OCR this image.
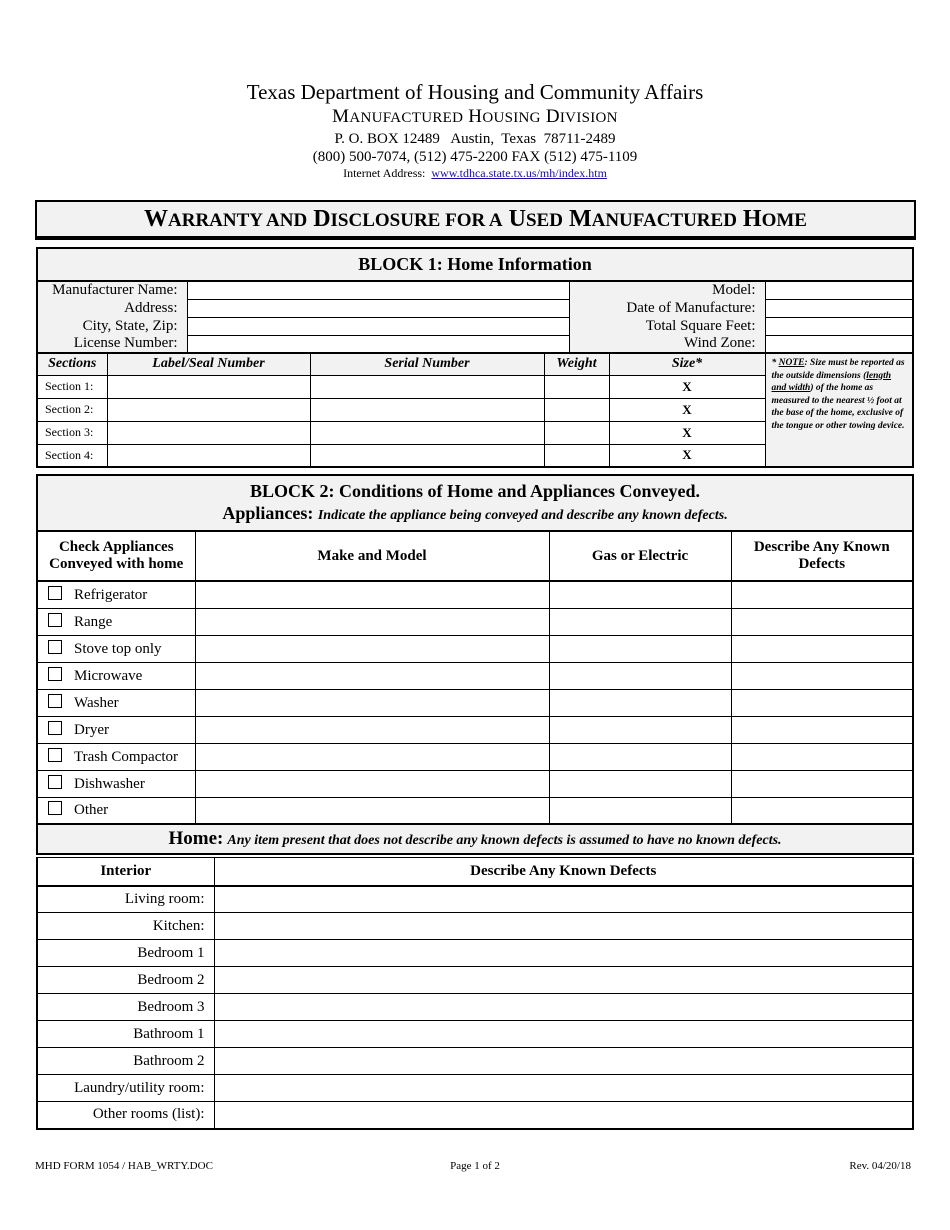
Texas Department of Housing and Community Affairs
MANUFACTURED HOUSING DIVISION
P. O. BOX 12489   Austin,  Texas  78711-2489
(800) 500-7074, (512) 475-2200 FAX (512) 475-1109
Internet Address: www.tdhca.state.tx.us/mh/index.htm
WARRANTY AND DISCLOSURE FOR A USED MANUFACTURED HOME
BLOCK 1: Home Information							
Manufacturer Name:					Model:		
Address:					Date of Manufacture:		
City, State, Zip:					Total Square Feet:		
License Number:					Wind Zone:		
Sections	Label/Seal Number		Serial Number	Weight		Size*	* NOTE: Size must be reported as the outside dimensions (length and width) of the home as measured to the nearest ½ foot at the base of the home, exclusive of the tongue or other towing device.
Section 1:						X	
Section 2:						X	
Section 3:						X	
Section 4:						X	
BLOCK 2: Conditions of Home and Appliances Conveyed.
Appliances: Indicate the appliance being conveyed and describe any known defects.			

Check Appliances Conveyed with home	Make and Model	Gas or Electric	Describe Any Known Defects
Refrigerator			
Range			
Stove top only			
Microwave			
Washer			
Dryer			
Trash Compactor			
Dishwasher			
Other			
Home: Any item present that does not describe any known defects is assumed to have no known defects.			
Interior	Describe Any Known Defects
Living room:	
Kitchen:	
Bedroom 1	
Bedroom 2	
Bedroom 3	
Bathroom 1	
Bathroom 2	
Laundry/utility room:	
Other rooms (list):	
MHD FORM 1054 / HAB_WRTY.DOC	Page 1 of 2	Rev. 04/20/18
